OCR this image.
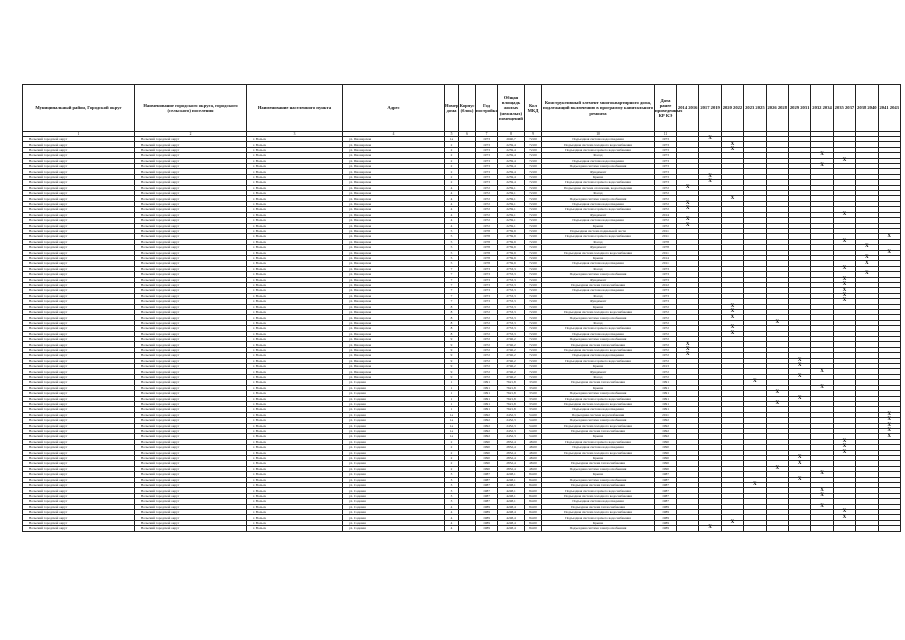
Муниципальный район, Городской округ	Наименование городского округа, городского (сельского) поселения	Наименование населенного пункта	Адрес	Номер дома	Корпус (блок)	Год постройки	Общая площадь жилых (нежилых) помещений	Кол МКД	Конструктивный элемент многоквартирного дома, подлежащий включению в программу капитального ремонта	Дата ранее проведенных КР КЭ	2014 2016	2017 2019	2020 2022	2023 2025	2026 2028	2029 2031	2032 2034	2035 2037	2038 2040	2041 2043
1	2	3	4	5	6	7	8	9	10	11										
Вольский городской округ	Вольский городской округ	г. Вольск	ул. Пионерская	1а		1973	2040,7	72.00	Подъездная система водоотведения	1973		X								
Вольский городской округ	Вольский городской округ	г. Вольск	ул. Пионерская	2		1973	2259,4	72.00	Подъездная система холодного водоснабжения	1973			X							
Вольский городской округ	Вольский городской округ	г. Вольск	ул. Пионерская	2		1973	2259,4	72.00	Подъездная система горячего водоснабжения	1973			X							
Вольский городской округ	Вольский городской округ	г. Вольск	ул. Пионерская	2		1973	2259,4	72.00	Фасад	1973							X			
Вольский городской округ	Вольский городской округ	г. Вольск	ул. Пионерская	2		1973	2259,4	72.00	Подъездная система водоотведения	1973								X		
Вольский городской округ	Вольский городской округ	г. Вольск	ул. Пионерская	2		1973	2259,4	72.00	Подъездная система электроснабжения	1973							X			
Вольский городской округ	Вольский городской округ	г. Вольск	ул. Пионерская	2		1973	2259,4	72.00	Фундамент	1973										
Вольский городской округ	Вольский городской округ	г. Вольск	ул. Пионерская	2		1973	2259,4	72.00	Крыша	1973		X								
Вольский городской округ	Вольский городской округ	г. Вольск	ул. Пионерская	2		1973	2259,4	72.00	Подъездная система горячего водоснабжения	1973		X								
Вольский городской округ	Вольский городской округ	г. Вольск	ул. Пионерская	4		1972	2259,1	72.00	Подъездная система отопления, водоотведения	1972	X									
Вольский городской округ	Вольский городской округ	г. Вольск	ул. Пионерская	4		1972	2259,1	72.00	Фасад	1972										
Вольский городской округ	Вольский городской округ	г. Вольск	ул. Пионерская	4		1972	2259,1	72.00	Подъездная система электроснабжения	1972			X							
Вольский городской округ	Вольский городской округ	г. Вольск	ул. Пионерская	4		1972	2259,1	72.00	Подъездная система водоотведения	1972	X									
Вольский городской округ	Вольский городской округ	г. Вольск	ул. Пионерская	4		1972	2259,1	72.00	Подъездная система горячего водоснабжения	1972	X									
Вольский городской округ	Вольский городской округ	г. Вольск	ул. Пионерская	4		1972	2259,1	72.00	Фундамент	2014								X		
Вольский городской округ	Вольский городской округ	г. Вольск	ул. Пионерская	4		1972	2259,1	72.00	Подъездная система водоотведения	1972	X									
Вольский городской округ	Вольский городской округ	г. Вольск	ул. Пионерская	4		1972	2259,1	72.00	Крыша	1972	X									
Вольский городской округ	Вольский городской округ	г. Вольск	ул. Пионерская	5		1978	2759,9	72.00	Подъездная система подвальной части	2011										
Вольский городской округ	Вольский городской округ	г. Вольск	ул. Пионерская	5		1978	2759,9	72.00	Подъездная система горячего водоснабжения	2011										X
Вольский городской округ	Вольский городской округ	г. Вольск	ул. Пионерская	5		1978	2759,9	72.00	Фасад	1978								X		
Вольский городской округ	Вольский городской округ	г. Вольск	ул. Пионерская	5		1978	2759,9	72.00	Фундамент	1978									X	
Вольский городской округ	Вольский городской округ	г. Вольск	ул. Пионерская	5		1978	2759,9	72.00	Подъездная система холодного водоснабжения	2011										X
Вольский городской округ	Вольский городской округ	г. Вольск	ул. Пионерская	5		1978	2759,9	72.00	Крыша	2014									X	
Вольский городской округ	Вольский городской округ	г. Вольск	ул. Пионерская	5		1978	2759,9	72.00	Подъездная система водоотведения	2011									X	
Вольский городской округ	Вольский городской округ	г. Вольск	ул. Пионерская	7		1973	2733,3	72.00	Фасад	1973								X		
Вольский городской округ	Вольский городской округ	г. Вольск	ул. Пионерская	7		1973	2733,3	72.00	Подъездная система электроснабжения	1973									X	
Вольский городской округ	Вольский городской округ	г. Вольск	ул. Пионерская	7		1973	2733,3	72.00	Фундамент	1973								X		
Вольский городской округ	Вольский городской округ	г. Вольск	ул. Пионерская	7		1973	2733,3	72.00	Подъездная система теплоснабжения	2012								X		
Вольский городской округ	Вольский городской округ	г. Вольск	ул. Пионерская	7		1973	2733,3	72.00	Подъездная система водоотведения	1973								X		
Вольский городской округ	Вольский городской округ	г. Вольск	ул. Пионерская	7		1973	2733,3	72.00	Фасад	1973								X		
Вольский городской округ	Вольский городской округ	г. Вольск	ул. Пионерская	7		1973	2733,3	72.00	Фундамент	1973								X		
Вольский городской округ	Вольский городской округ	г. Вольск	ул. Пионерская	8		1972	2733,3	72.00	Крыша	1972			X							
Вольский городской округ	Вольский городской округ	г. Вольск	ул. Пионерская	8		1972	2733,3	72.00	Подъездная система холодного водоснабжения	1972			X							
Вольский городской округ	Вольский городской округ	г. Вольск	ул. Пионерская	8		1972	2733,3	72.00	Подъездная система электроснабжения	1972			X							
Вольский городской округ	Вольский городской округ	г. Вольск	ул. Пионерская	8		1972	2733,3	72.00	Фасад	1972					X					
Вольский городской округ	Вольский городской округ	г. Вольск	ул. Пионерская	8		1972	2733,3	72.00	Подъездная система горячего водоснабжения	1972			X							
Вольский городской округ	Вольский городской округ	г. Вольск	ул. Пионерская	8		1972	2733,3	72.00	Подъездная система водоотведения	1972			X							
Вольский городской округ	Вольский городской округ	г. Вольск	ул. Пионерская	9		1972	2746,2	72.00	Подъездная система электроснабжения	1972										
Вольский городской округ	Вольский городской округ	г. Вольск	ул. Пионерская	9		1972	2746,2	72.00	Подъездная система теплоснабжения	1972	X									
Вольский городской округ	Вольский городской округ	г. Вольск	ул. Пионерская	9		1972	2746,2	72.00	Подъездная система холодного водоснабжения	1972	X									
Вольский городской округ	Вольский городской округ	г. Вольск	ул. Пионерская	9		1972	2746,2	72.00	Подъездная система водоотведения	1972	X									
Вольский городской округ	Вольский городской округ	г. Вольск	ул. Пионерская	9		1972	2746,2	72.00	Подъездная система горячего водоснабжения	1972						X				
Вольский городской округ	Вольский городской округ	г. Вольск	ул. Пионерская	9		1972	2746,2	72.00	Крыша	2013						X				
Вольский городской округ	Вольский городской округ	г. Вольск	ул. Пионерская	9		1972	2746,2	72.00	Фундамент	1972							X			
Вольский городской округ	Вольский городской округ	г. Вольск	ул. Пионерская	9		1972	2746,2	72.00	Фасад	1972						X				
Вольский городской округ	Вольский городской округ	г. Вольск	ул. Садовая	1		1991	7621,8	33.00	Подъездная система теплоснабжения	1991				X						
Вольский городской округ	Вольский городской округ	г. Вольск	ул. Садовая	1		1991	7621,8	33.00	Крыша	1991							X			
Вольский городской округ	Вольский городской округ	г. Вольск	ул. Садовая	1		1991	7621,8	33.00	Подъездная система электроснабжения	1991					X					
Вольский городской округ	Вольский городской округ	г. Вольск	ул. Садовая	1		1991	7621,8	33.00	Подъездная система горячего водоснабжения	1991						X				
Вольский городской округ	Вольский городской округ	г. Вольск	ул. Садовая	1		1991	7621,8	33.00	Подъездная система холодного водоснабжения	1991					X					
Вольский городской округ	Вольский городской округ	г. Вольск	ул. Садовая	1		1991	7621,8	33.00	Подъездная система водоотведения	1991										
Вольский городской округ	Вольский городской округ	г. Вольск	ул. Садовая	1а		1992	2452,3	54.00	Подъездная система водоснабжения	2011										X
Вольский городской округ	Вольский городской округ	г. Вольск	ул. Садовая	1а		1992	2452,3	54.00	Подъездная система электроснабжения	1992										X
Вольский городской округ	Вольский городской округ	г. Вольск	ул. Садовая	1а		1992	2452,3	54.00	Подъездная система холодного водоснабжения	1992										X
Вольский городской округ	Вольский городской округ	г. Вольск	ул. Садовая	1а		1992	2452,3	54.00	Подъездная система теплоснабжения	1992										X
Вольский городской округ	Вольский городской округ	г. Вольск	ул. Садовая	1а		1992	2452,3	54.00	Крыша	1992										X
Вольский городской округ	Вольский городской округ	г. Вольск	ул. Садовая	2		1990	2852,4	48.00	Подъездная система горячего водоснабжения	1990								X		
Вольский городской округ	Вольский городской округ	г. Вольск	ул. Садовая	2		1990	2852,4	48.00	Подъездная система водоотведения	1990								X		
Вольский городской округ	Вольский городской округ	г. Вольск	ул. Садовая	2		1990	2852,4	48.00	Подъездная система холодного водоснабжения	1990								X		
Вольский городской округ	Вольский городской округ	г. Вольск	ул. Садовая	2		1990	2852,4	48.00	Крыша	1990						X				
Вольский городской округ	Вольский городской округ	г. Вольск	ул. Садовая	2		1990	2852,4	48.00	Подъездная система теплоснабжения	1990						X				
Вольский городской округ	Вольский городской округ	г. Вольск	ул. Садовая	2		1990	2852,4	48.00	Подъездная система электроснабжения	1990					X					
Вольский городской округ	Вольский городской округ	г. Вольск	ул. Садовая	3		1987	4248,1	84.00	Крыша	1987							X			
Вольский городской округ	Вольский городской округ	г. Вольск	ул. Садовая	3		1987	4248,1	84.00	Подъездная система электроснабжения	1987						X				
Вольский городской округ	Вольский городской округ	г. Вольск	ул. Садовая	3		1987	4248,1	84.00	Подъездная система теплоснабжения	1987				X						
Вольский городской округ	Вольский городской округ	г. Вольск	ул. Садовая	3		1987	4248,1	84.00	Подъездная система горячего водоснабжения	1987							X			
Вольский городской округ	Вольский городской округ	г. Вольск	ул. Садовая	3		1987	4248,1	84.00	Подъездная система холодного водоснабжения	1987							X			
Вольский городской округ	Вольский городской округ	г. Вольск	ул. Садовая	3		1987	4248,1	84.00	Подъездная система водоотведения	1987										
Вольский городской округ	Вольский городской округ	г. Вольск	ул. Садовая	4		1989	4248,4	84.00	Подъездная система теплоснабжения	1989							X			
Вольский городской округ	Вольский городской округ	г. Вольск	ул. Садовая	4		1989	4248,4	84.00	Подъездная система холодного водоснабжения	1989								X		
Вольский городской округ	Вольский городской округ	г. Вольск	ул. Садовая	4		1989	4248,4	84.00	Подъездная система горячего водоснабжения	1989								X		
Вольский городской округ	Вольский городской округ	г. Вольск	ул. Садовая	4		1989	4248,4	84.00	Крыша	1989			X							
Вольский городской округ	Вольский городской округ	г. Вольск	ул. Садовая	4		1989	4248,4	84.00	Подъездная система электроснабжения	1989		X								
